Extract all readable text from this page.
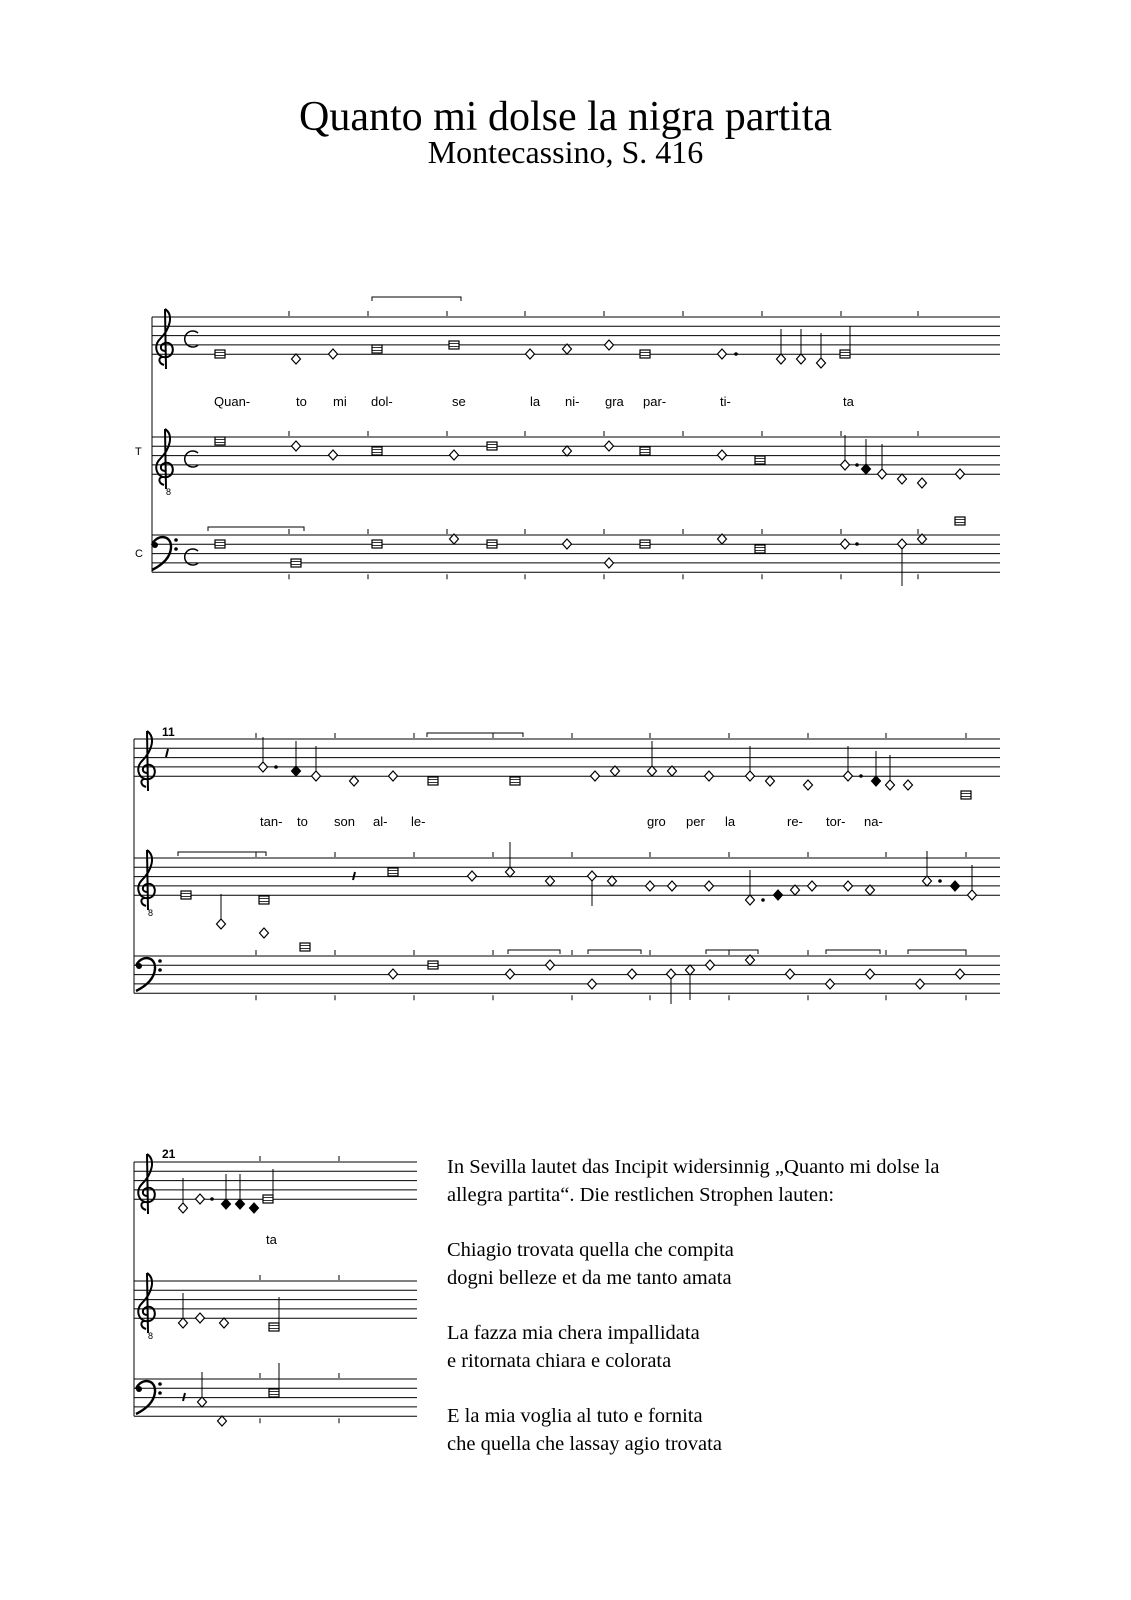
Quanto mi dolse la nigra partita
Montecassino, S. 416
8
8
8
T
C
11
21
Quan-	to mi dol-	se	la ni- gra par-	ti-	ta
tan- to son al- le-	gro per la	re- tor- na-
ta

In Sevilla lautet das Incipit widersinnig „Quanto mi dolse la
allegra partita“. Die restlichen Strophen lauten:

Chiagio trovata quella che compita
dogni belleze et da me tanto amata

La fazza mia chera impallidata
e ritornata chiara e colorata

E la mia voglia al tuto e fornita
che quella che lassay agio trovata
